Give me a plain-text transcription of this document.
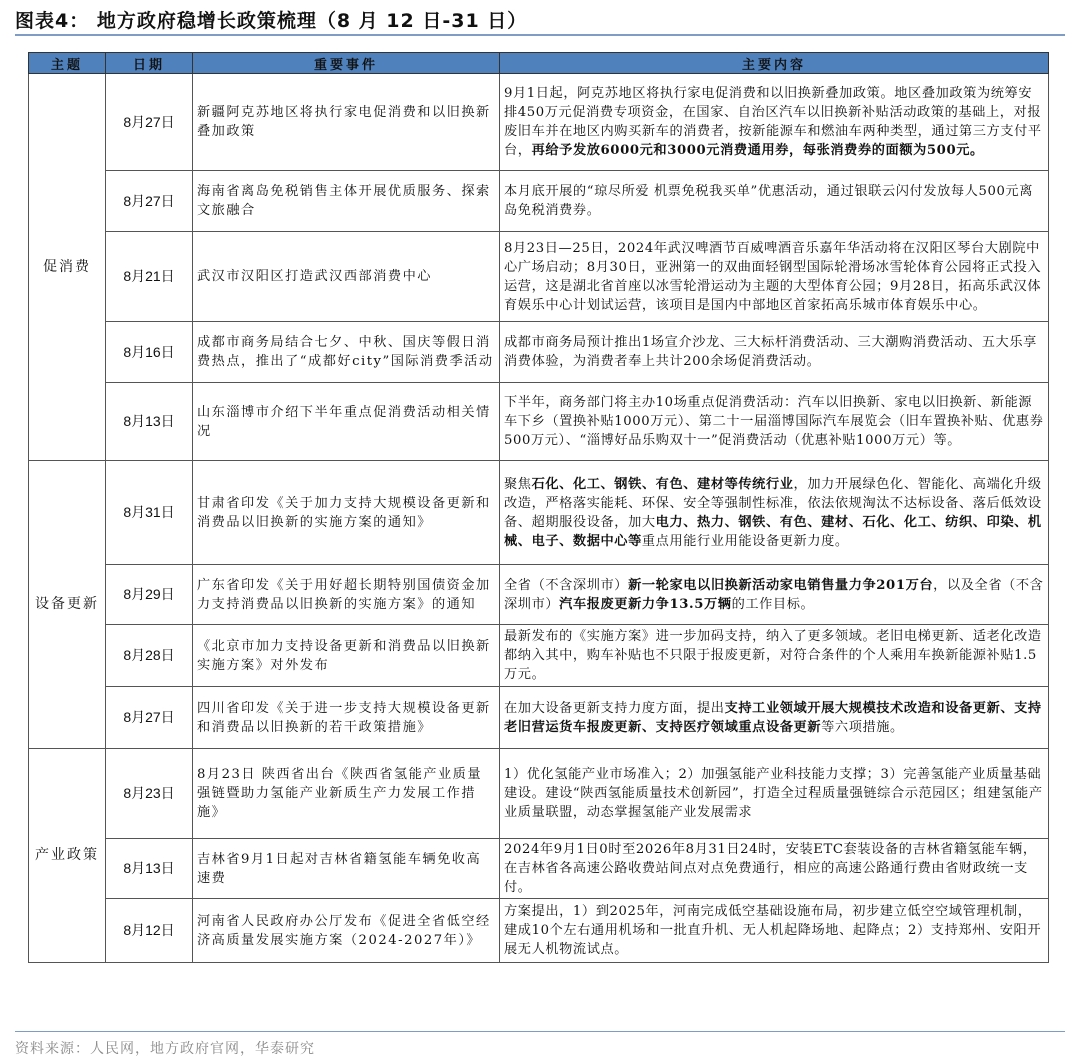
图表4： 地方政府稳增长政策梳理（8 月 12 日-31 日）
主题	日期	重要事件	主要内容
促消费	8月27日	新疆阿克苏地区将执行家电促消费和以旧换新叠加政策	9月1日起，阿克苏地区将执行家电促消费和以旧换新叠加政策。地区叠加政策为统筹安排450万元促消费专项资金，在国家、自治区汽车以旧换新补贴活动政策的基础上，对报废旧车并在地区内购买新车的消费者，按新能源车和燃油车两种类型，通过第三方支付平台，再给予发放6000元和3000元消费通用券，每张消费券的面额为500元。
	8月27日	海南省离岛免税销售主体开展优质服务、探索文旅融合	本月底开展的“琼尽所爱 机票免税我买单”优惠活动，通过银联云闪付发放每人500元离岛免税消费券。
	8月21日	武汉市汉阳区打造武汉西部消费中心	8月23日—25日，2024年武汉啤酒节百威啤酒音乐嘉年华活动将在汉阳区琴台大剧院中心广场启动；8月30日，亚洲第一的双曲面轻钢型国际轮滑场冰雪轮体育公园将正式投入运营，这是湖北省首座以冰雪轮滑运动为主题的大型体育公园；9月28日，拓高乐武汉体育娱乐中心计划试运营，该项目是国内中部地区首家拓高乐城市体育娱乐中心。
	8月16日	成都市商务局结合七夕、中秋、国庆等假日消费热点，推出了“成都好city”国际消费季活动	成都市商务局预计推出1场宣介沙龙、三大标杆消费活动、三大潮购消费活动、五大乐享消费体验，为消费者奉上共计200余场促消费活动。
	8月13日	山东淄博市介绍下半年重点促消费活动相关情况	下半年，商务部门将主办10场重点促消费活动：汽车以旧换新、家电以旧换新、新能源车下乡（置换补贴1000万元）、第二十一届淄博国际汽车展览会（旧车置换补贴、优惠券500万元）、“淄博好品乐购双十一”促消费活动（优惠补贴1000万元）等。
设备更新	8月31日	甘肃省印发《关于加力支持大规模设备更新和消费品以旧换新的实施方案的通知》	聚焦石化、化工、钢铁、有色、建材等传统行业，加力开展绿色化、智能化、高端化升级改造，严格落实能耗、环保、安全等强制性标准，依法依规淘汰不达标设备、落后低效设备、超期服役设备，加大电力、热力、钢铁、有色、建材、石化、化工、纺织、印染、机械、电子、数据中心等重点用能行业用能设备更新力度。
	8月29日	广东省印发《关于用好超长期特别国债资金加力支持消费品以旧换新的实施方案》的通知	全省（不含深圳市）新一轮家电以旧换新活动家电销售量力争201万台，以及全省（不含深圳市）汽车报废更新力争13.5万辆的工作目标。
	8月28日	《北京市加力支持设备更新和消费品以旧换新实施方案》对外发布	最新发布的《实施方案》进一步加码支持，纳入了更多领域。老旧电梯更新、适老化改造都纳入其中，购车补贴也不只限于报废更新，对符合条件的个人乘用车换新能源补贴1.5万元。
	8月27日	四川省印发《关于进一步支持大规模设备更新和消费品以旧换新的若干政策措施》	在加大设备更新支持力度方面，提出支持工业领域开展大规模技术改造和设备更新、支持老旧营运货车报废更新、支持医疗领域重点设备更新等六项措施。
产业政策	8月23日	8月23日 陕西省出台《陕西省氢能产业质量强链暨助力氢能产业新质生产力发展工作措施》	1）优化氢能产业市场准入；2）加强氢能产业科技能力支撑；3）完善氢能产业质量基础建设。建设“陕西氢能质量技术创新园”，打造全过程质量强链综合示范园区；组建氢能产业质量联盟，动态掌握氢能产业发展需求
	8月13日	吉林省9月1日起对吉林省籍氢能车辆免收高速费	2024年9月1日0时至2026年8月31日24时，安装ETC套装设备的吉林省籍氢能车辆，在吉林省各高速公路收费站间点对点免费通行，相应的高速公路通行费由省财政统一支付。
	8月12日	河南省人民政府办公厅发布《促进全省低空经济高质量发展实施方案（2024-2027年）》	方案提出，1）到2025年，河南完成低空基础设施布局，初步建立低空空域管理机制，建成10个左右通用机场和一批直升机、无人机起降场地、起降点；2）支持郑州、安阳开展无人机物流试点。
资料来源：人民网，地方政府官网，华泰研究
